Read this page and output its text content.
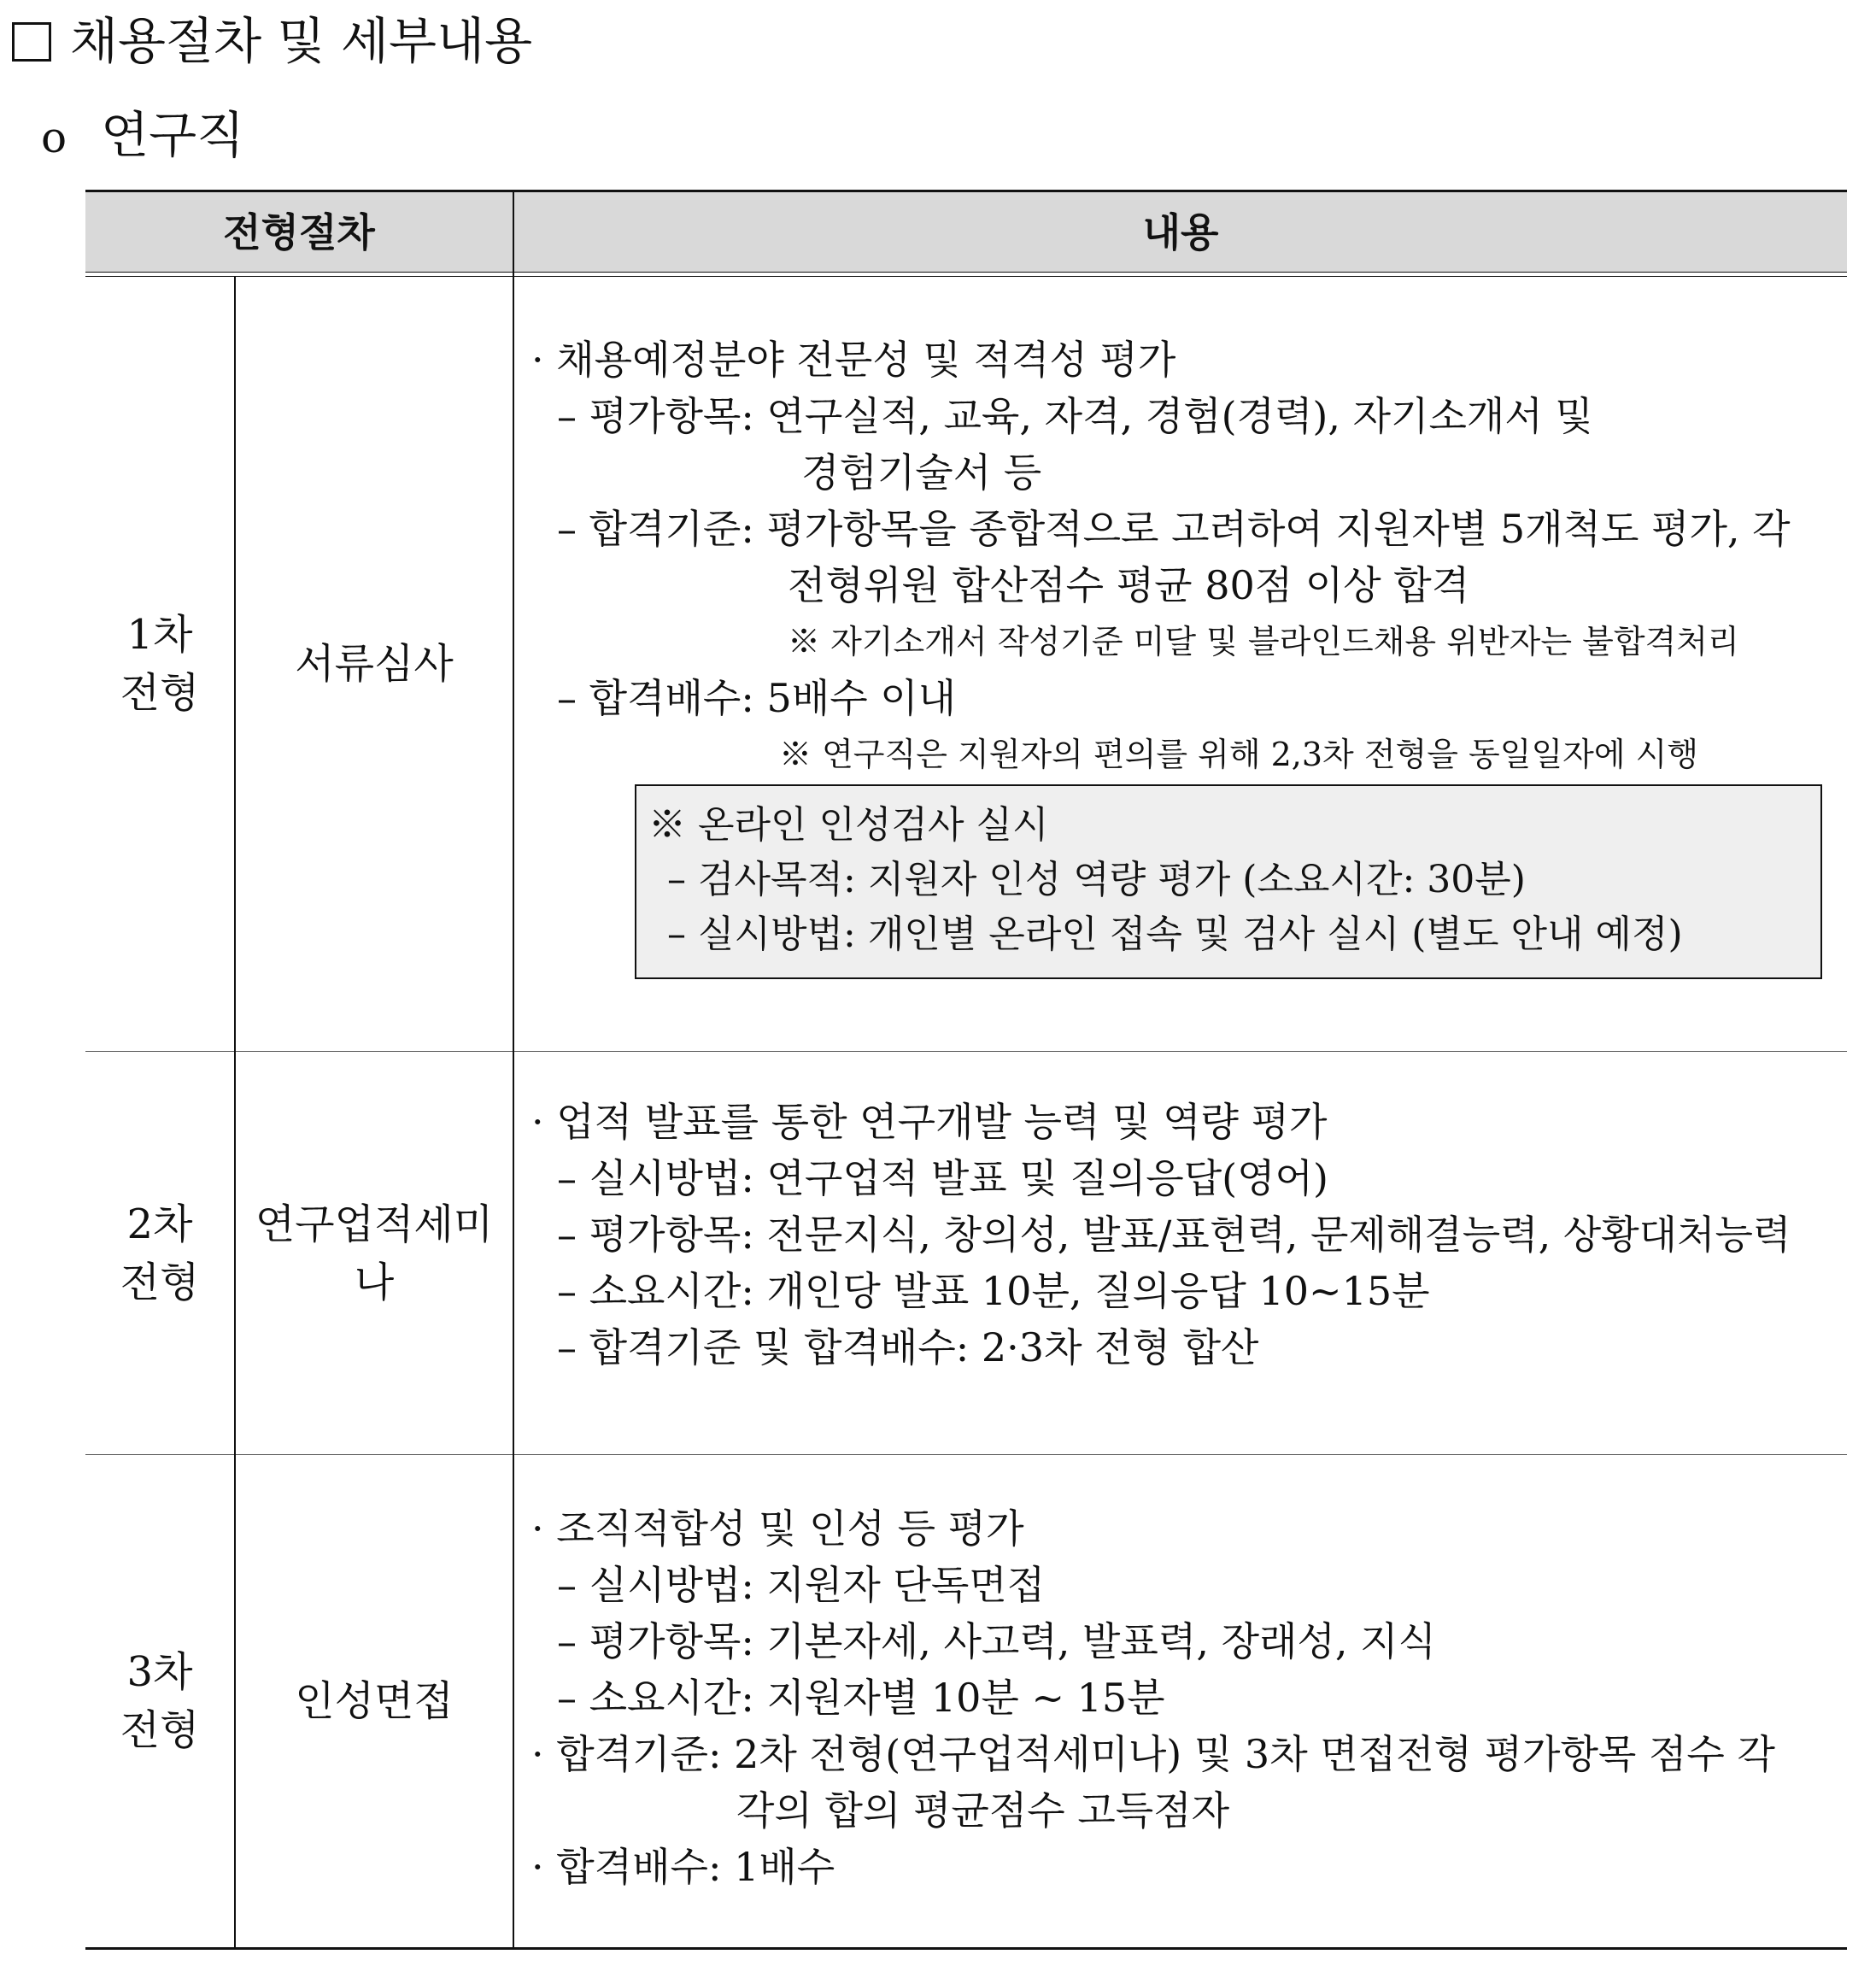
채용절차 및 세부내용
o 연구직
전형절차	내용
1차
전형
서류심사
2차
전형
연구업적세미나
3차
전형
인성면접
· 채용예정분야 전문성 및 적격성 평가
– 평가항목: 연구실적, 교육, 자격, 경험(경력), 자기소개서 및
경험기술서 등
– 합격기준: 평가항목을 종합적으로 고려하여 지원자별 5개척도 평가, 각
전형위원 합산점수 평균 80점 이상 합격
※ 자기소개서 작성기준 미달 및 블라인드채용 위반자는 불합격처리
– 합격배수: 5배수 이내
※ 연구직은 지원자의 편의를 위해 2,3차 전형을 동일일자에 시행
※ 온라인 인성검사 실시
– 검사목적: 지원자 인성 역량 평가 (소요시간: 30분)
– 실시방법: 개인별 온라인 접속 및 검사 실시 (별도 안내 예정)
· 업적 발표를 통한 연구개발 능력 및 역량 평가
– 실시방법: 연구업적 발표 및 질의응답(영어)
– 평가항목: 전문지식, 창의성, 발표/표현력, 문제해결능력, 상황대처능력
– 소요시간: 개인당 발표 10분, 질의응답 10~15분
– 합격기준 및 합격배수: 2·3차 전형 합산
· 조직적합성 및 인성 등 평가
– 실시방법: 지원자 단독면접
– 평가항목: 기본자세, 사고력, 발표력, 장래성, 지식
– 소요시간: 지원자별 10분 ~ 15분
· 합격기준: 2차 전형(연구업적세미나) 및 3차 면접전형 평가항목 점수 각
각의 합의 평균점수 고득점자
· 합격배수: 1배수
